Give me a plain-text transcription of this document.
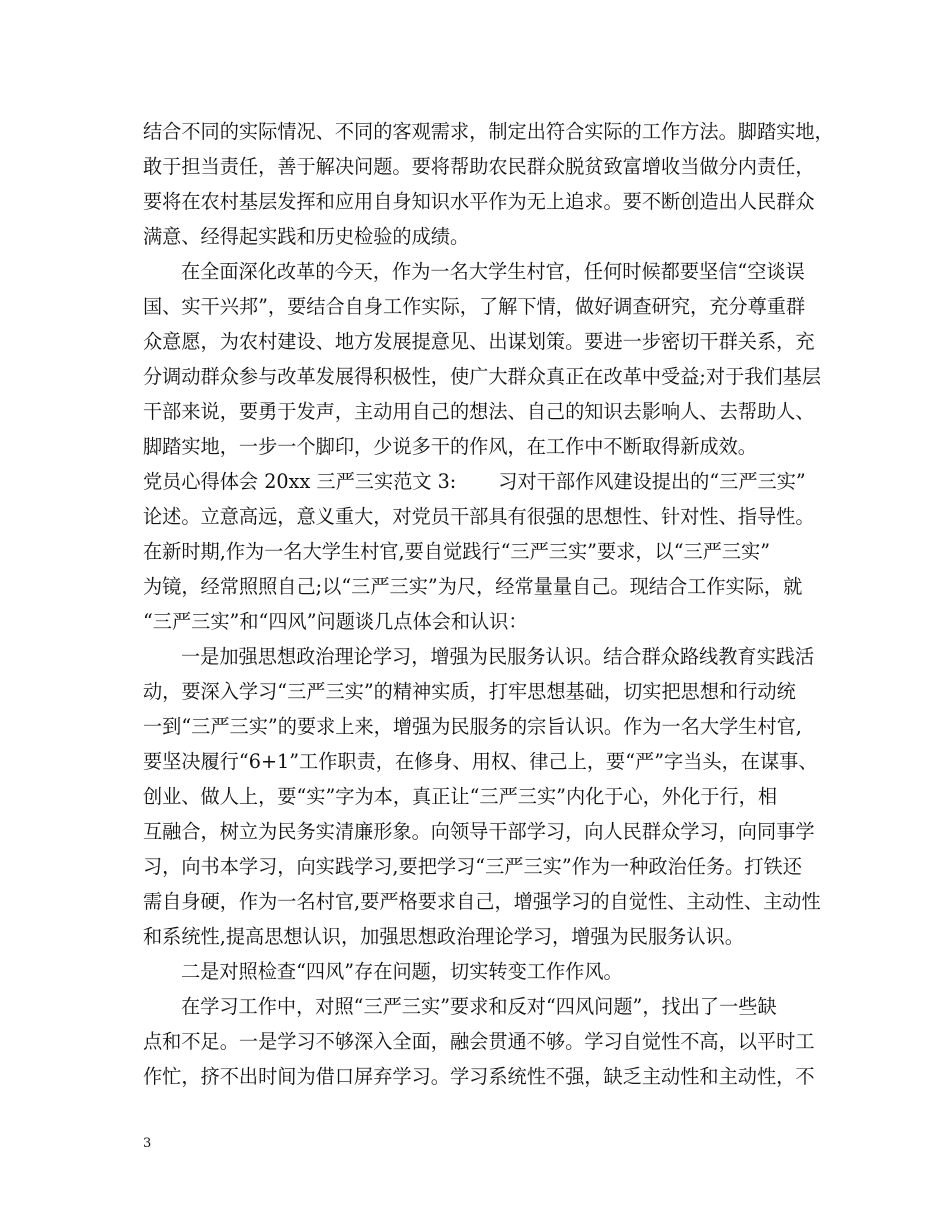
结合不同的实际情况、不同的客观需求，制定出符合实际的工作方法。脚踏实地，
敢于担当责任，善于解决问题。要将帮助农民群众脱贫致富增收当做分内责任，
要将在农村基层发挥和应用自身知识水平作为无上追求。要不断创造出人民群众
满意、经得起实践和历史检验的成绩。
在全面深化改革的今天，作为一名大学生村官，任何时候都要坚信“空谈误
国、实干兴邦”，要结合自身工作实际，了解下情，做好调查研究，充分尊重群
众意愿，为农村建设、地方发展提意见、出谋划策。要进一步密切干群关系，充
分调动群众参与改革发展得积极性，使广大群众真正在改革中受益;对于我们基层
干部来说，要勇于发声，主动用自己的想法、自己的知识去影响人、去帮助人、
脚踏实地，一步一个脚印，少说多干的作风，在工作中不断取得新成效。
党员心得体会 20xx 三严三实范文 3: 习对干部作风建设提出的“三严三实”
论述。立意高远，意义重大，对党员干部具有很强的思想性、针对性、指导性。
在新时期,作为一名大学生村官,要自觉践行“三严三实”要求，以“三严三实”
为镜，经常照照自己;以“三严三实”为尺，经常量量自己。现结合工作实际，就
“三严三实”和“四风”问题谈几点体会和认识：
一是加强思想政治理论学习，增强为民服务认识。结合群众路线教育实践活
动，要深入学习“三严三实”的精神实质，打牢思想基础，切实把思想和行动统
一到“三严三实”的要求上来，增强为民服务的宗旨认识。作为一名大学生村官,
要坚决履行“6+1”工作职责，在修身、用权、律己上，要“严”字当头，在谋事、
创业、做人上，要“实”字为本，真正让“三严三实”内化于心，外化于行，相
互融合，树立为民务实清廉形象。向领导干部学习，向人民群众学习，向同事学
习，向书本学习，向实践学习,要把学习“三严三实”作为一种政治任务。打铁还
需自身硬，作为一名村官,要严格要求自己，增强学习的自觉性、主动性、主动性
和系统性,提高思想认识，加强思想政治理论学习，增强为民服务认识。
二是对照检查“四风”存在问题，切实转变工作作风。
在学习工作中，对照“三严三实”要求和反对“四风问题”，找出了一些缺
点和不足。一是学习不够深入全面，融会贯通不够。学习自觉性不高，以平时工
作忙，挤不出时间为借口屏弃学习。学习系统性不强，缺乏主动性和主动性，不
3
